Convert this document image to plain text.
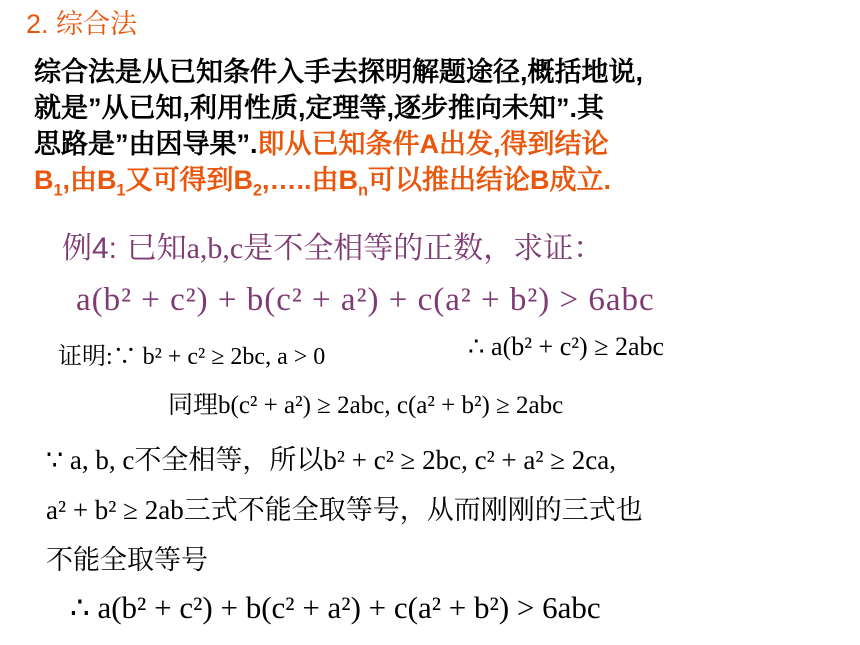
2. 综合法
综合法是从已知条件入手去探明解题途径,概括地说,
就是”从已知,利用性质,定理等,逐步推向未知”.其
思路是”由因导果”.即从已知条件A出发,得到结论
$B_1$,由$B_1$又可得到$B_2,\dots$..由$B_n$可以推出结论B成立.
例4: 已知a,b,c是不全相等的正数，求证：
a(b² + c²) + b(c² + a²) + c(a² + b²) > 6abc
证明:∵ b² + c² ≥ 2bc, a > 0	∴ a(b² + c²) ≥ 2abc
同理b(c² + a²) ≥ 2abc, c(a² + b²) ≥ 2abc
∵ a, b, c不全相等，所以b² + c² ≥ 2bc, c² + a² ≥ 2ca,
a² + b² ≥ 2ab三式不能全取等号，从而刚刚的三式也
不能全取等号
∴ a(b² + c²) + b(c² + a²) + c(a² + b²) > 6abc
